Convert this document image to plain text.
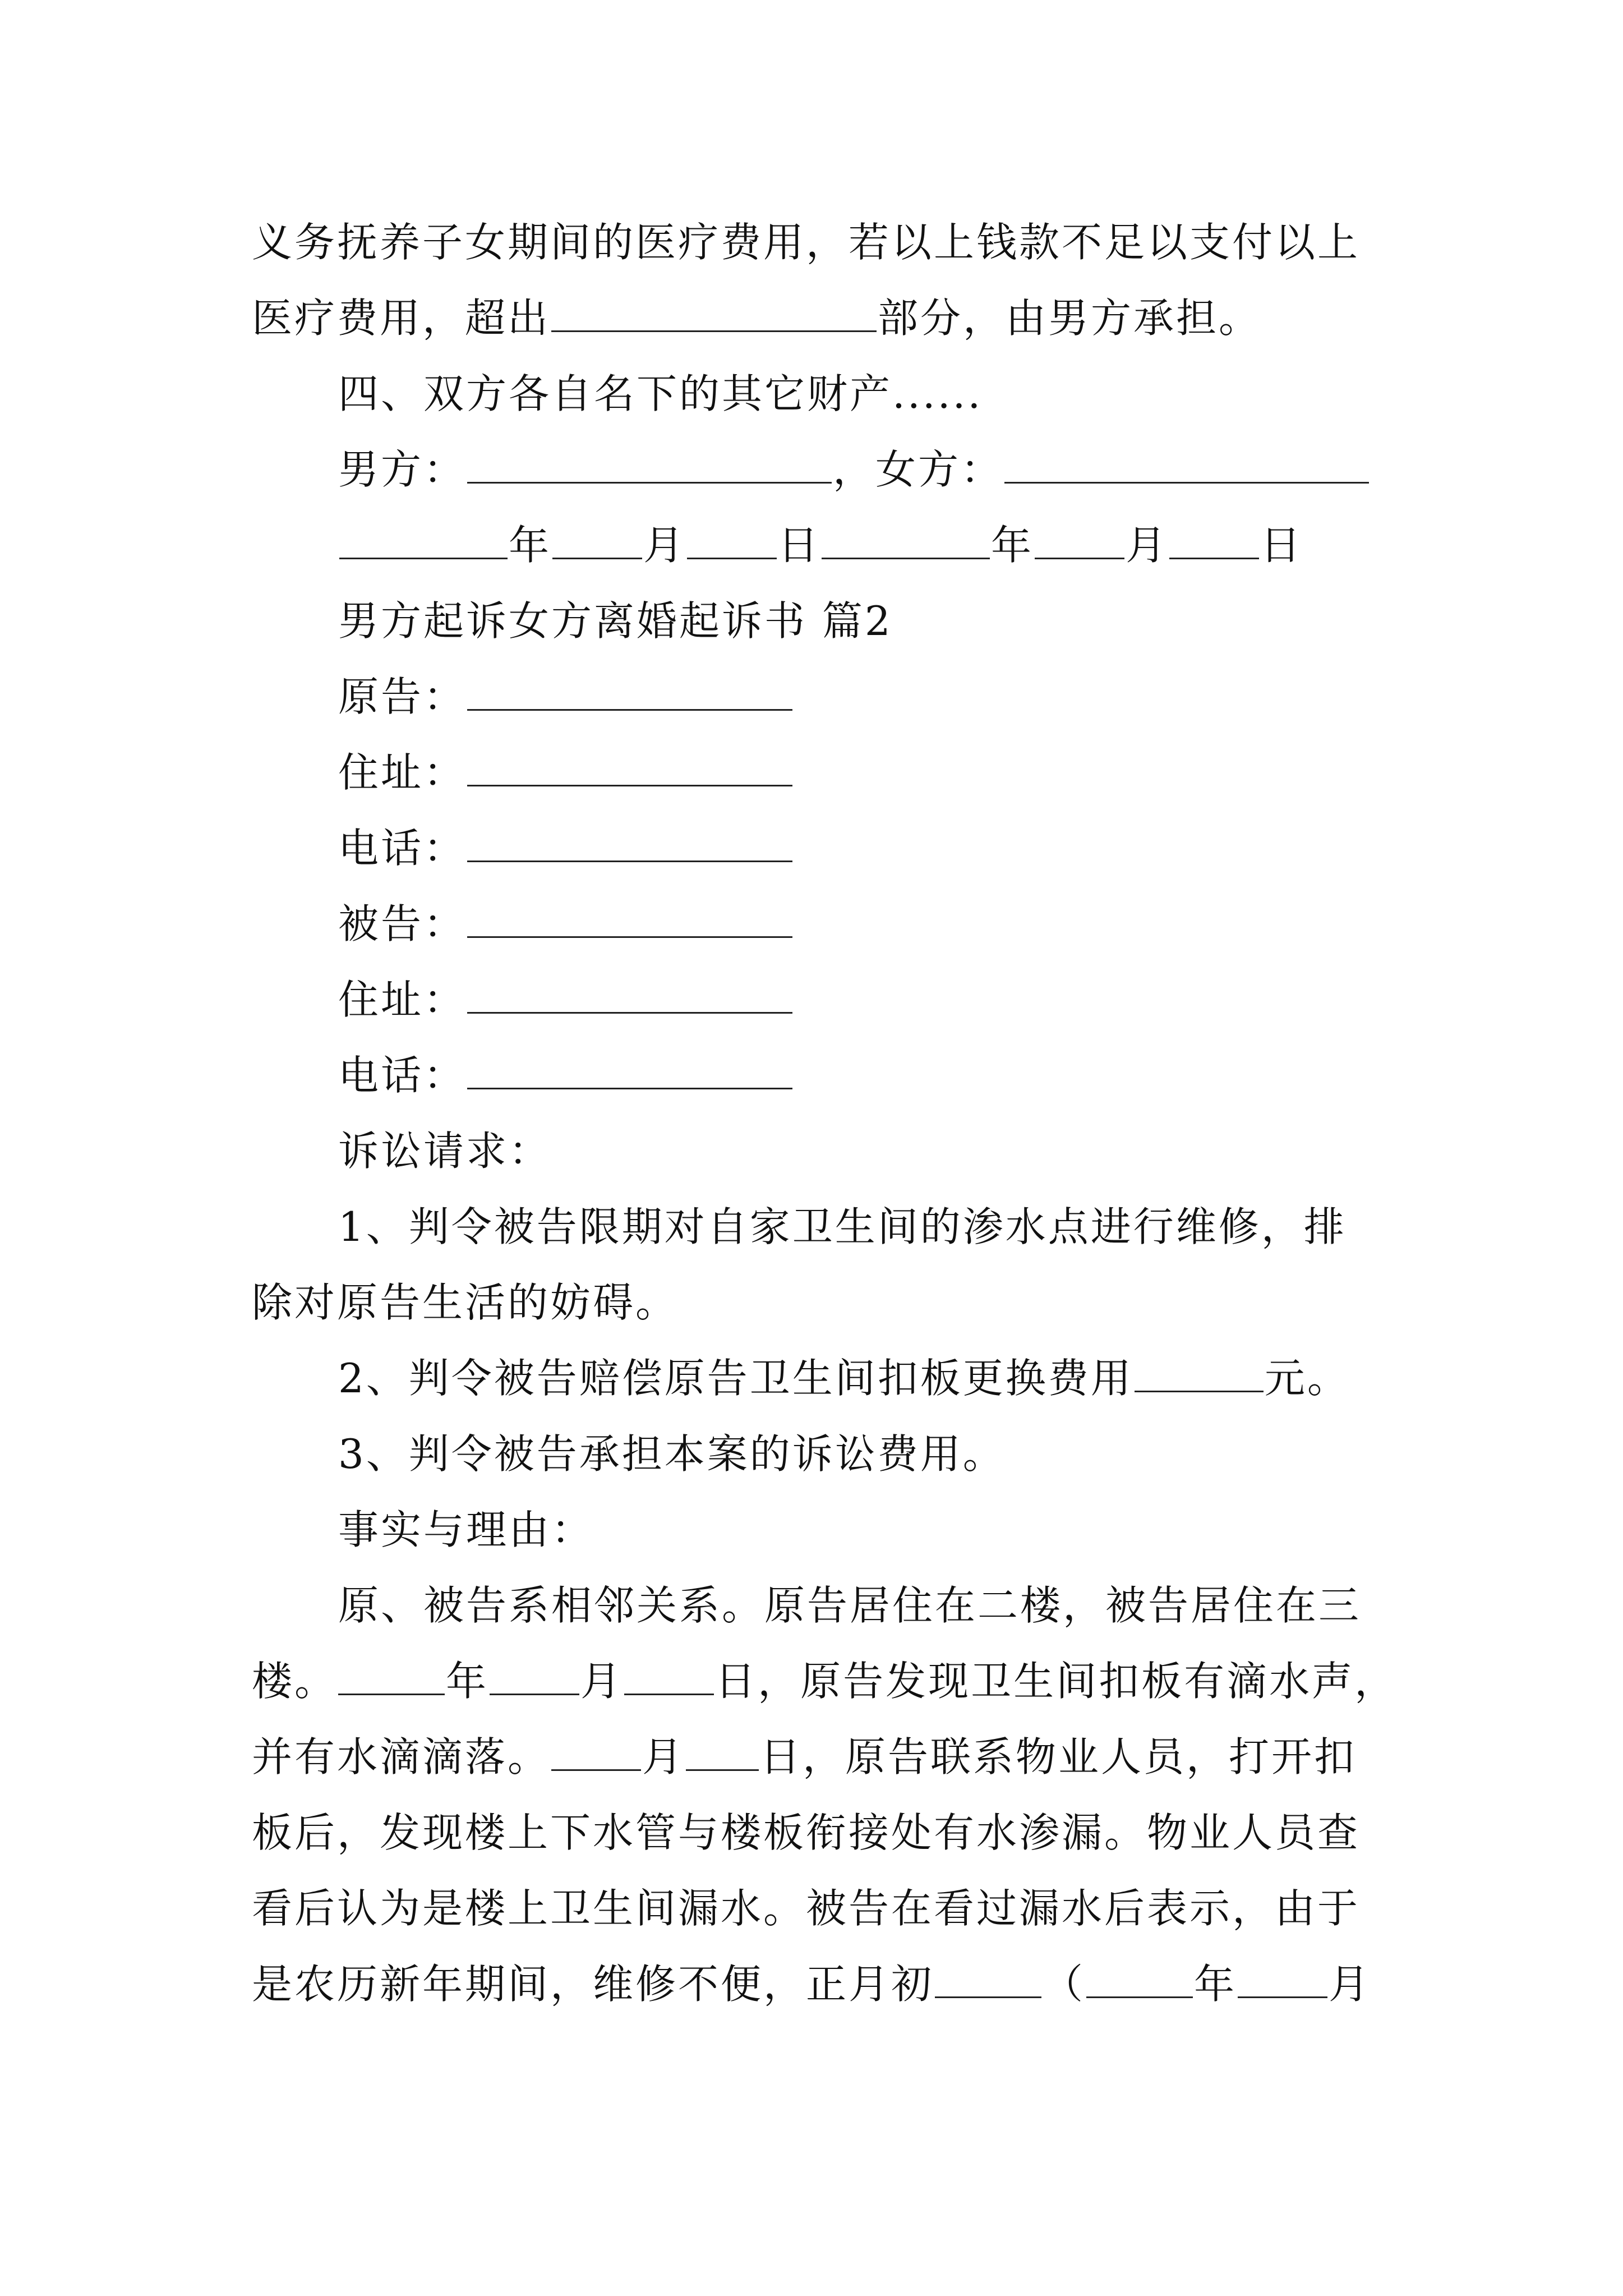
义务抚养子女期间的医疗费用，若以上钱款不足以支付以上
医疗费用，超出	部分，由男方承担。
四、双方各自名下的其它财产......
男方：	，女方：
年 月 日	年 月 日
男方起诉女方离婚起诉书 篇2
原告：
住址：
电话：
被告：
住址：
电话：
诉讼请求：
1、判令被告限期对自家卫生间的渗水点进行维修，排
除对原告生活的妨碍。
2、判令被告赔偿原告卫生间扣板更换费用	元。
3、判令被告承担本案的诉讼费用。
事实与理由：
原、被告系相邻关系。原告居住在二楼，被告居住在三
楼。	年 月 日，原告发现卫生间扣板有滴水声，
并有水滴滴落。 月 日，原告联系物业人员，打开扣
板后，发现楼上下水管与楼板衔接处有水渗漏。物业人员查
看后认为是楼上卫生间漏水。被告在看过漏水后表示，由于
是农历新年期间，维修不便，正月初	（	年 月
